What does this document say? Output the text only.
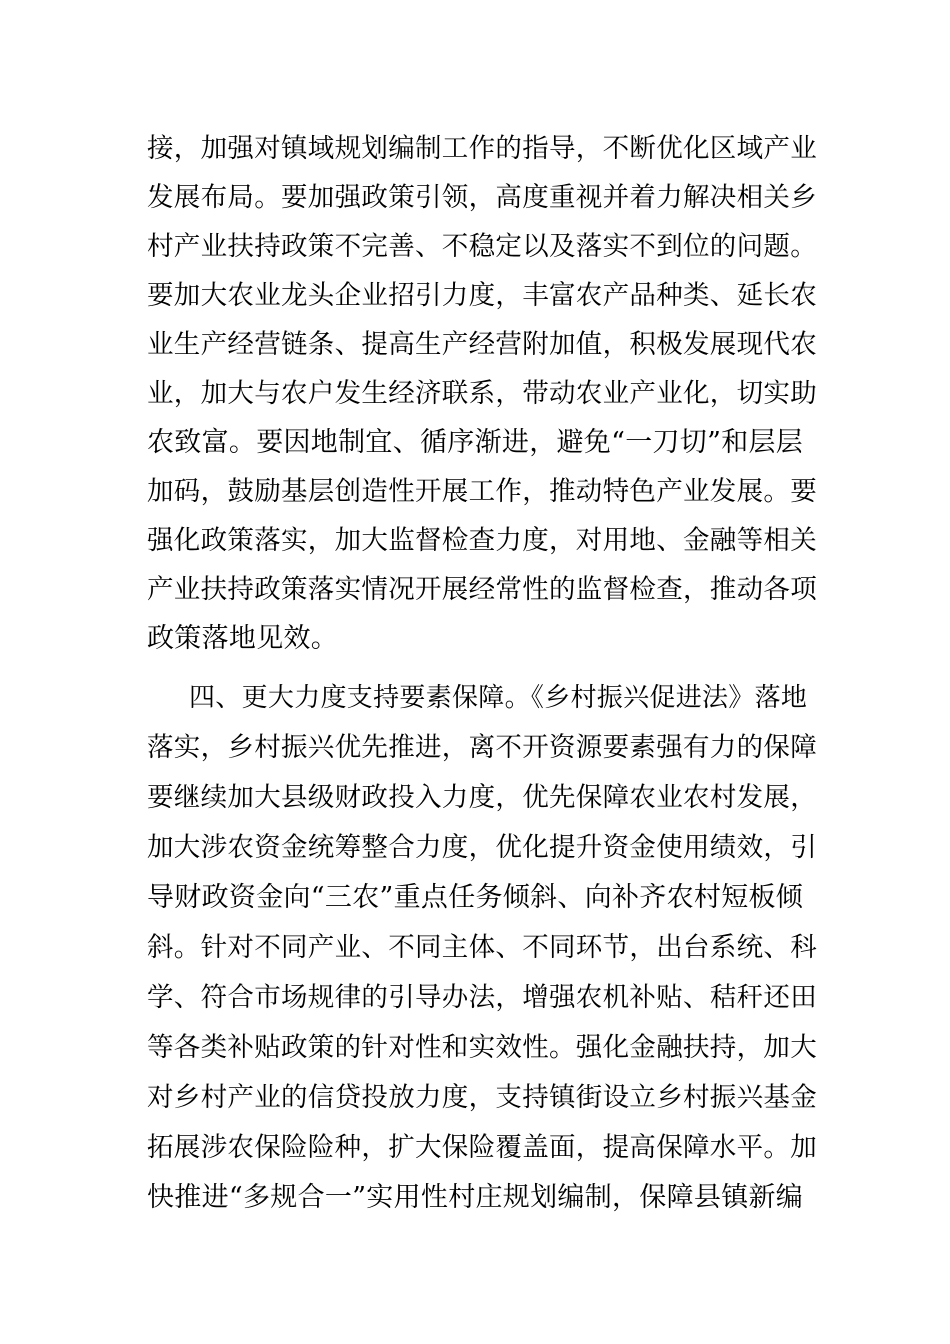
接，加强对镇域规划编制工作的指导，不断优化区域产业
发展布局。要加强政策引领，高度重视并着力解决相关乡
村产业扶持政策不完善、不稳定以及落实不到位的问题。
要加大农业龙头企业招引力度，丰富农产品种类、延长农
业生产经营链条、提高生产经营附加值，积极发展现代农
业，加大与农户发生经济联系，带动农业产业化，切实助
农致富。要因地制宜、循序渐进，避免“一刀切”和层层
加码，鼓励基层创造性开展工作，推动特色产业发展。要
强化政策落实，加大监督检查力度，对用地、金融等相关
产业扶持政策落实情况开展经常性的监督检查，推动各项
政策落地见效。
四、更大力度支持要素保障。《乡村振兴促进法》落地
落实，乡村振兴优先推进，离不开资源要素强有力的保障
要继续加大县级财政投入力度，优先保障农业农村发展，
加大涉农资金统筹整合力度，优化提升资金使用绩效，引
导财政资金向“三农”重点任务倾斜、向补齐农村短板倾
斜。针对不同产业、不同主体、不同环节，出台系统、科
学、符合市场规律的引导办法，增强农机补贴、秸秆还田
等各类补贴政策的针对性和实效性。强化金融扶持，加大
对乡村产业的信贷投放力度，支持镇街设立乡村振兴基金
拓展涉农保险险种，扩大保险覆盖面，提高保障水平。加
快推进“多规合一”实用性村庄规划编制，保障县镇新编
